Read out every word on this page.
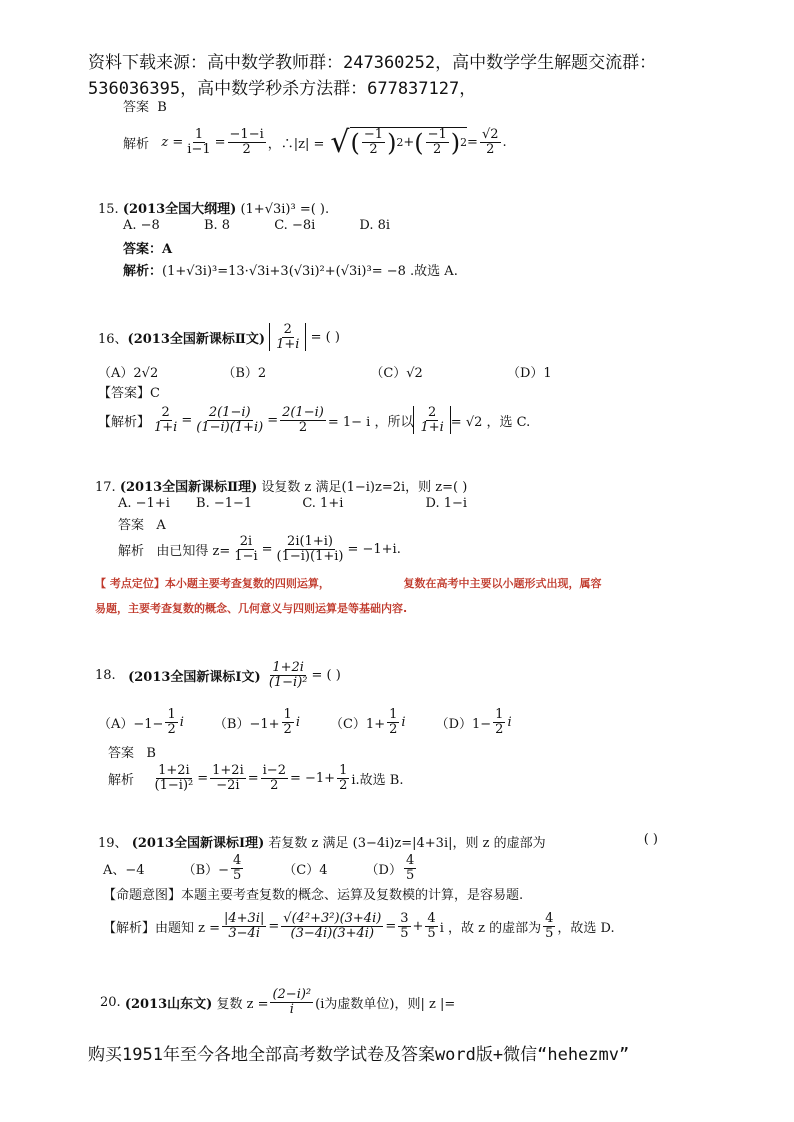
资料下载来源：高中数学教师群：247360252，高中数学学生解题交流群：
536036395，高中数学秒杀方法群：677837127，
答案 B
解析
$z = \frac{1}{i-1} = \frac{-1-i}{2}$ ，∴|z| = √ ( $\frac{-1}{2}$ ) 2 + ( $\frac{-1}{2}$ ) $2 = \frac{√2}{2}$ .
15. (2013全国大纲理) (1+√3i)³ =( ).
A. −8	B. 8	C. −8i	D. 8i
答案：A
解析：(1+√3i)³=13·√3i+3(√3i)²+(√3i)³= −8 .故选 A.
16、 (2013全国新课标Ⅱ文)
$\frac{2}{1+i}$
= ( )
（A）2√2	（B）2	（C）√2	（D）1
【答案】C
【解析】 $\frac{2}{1+i} = \frac{2(1-i)}{(1-i)(1+i)} = \frac{2(1-i)}{2} = 1- i$ ，所以 $\frac{2}{1+i} = √2$ ，选 C.
17. (2013全国新课标Ⅱ理) 设复数 z 满足(1−i)z=2i，则 z=( )
A. −1+i B. −1−1	C. 1+i	D. 1−i
答案 A
解析
由已知得 $z= \frac{2i}{1-i} = \frac{2i(1+i)}{(1-i)(1+i)} = -1+i$.
【 考点定位】本小题主要考查复数的四则运算，	复数在高考中主要以小题形式出现，属容
易题，主要考查复数的概念、几何意义与四则运算是等基础内容.
18.
(2013全国新课标Ⅰ文)
$\frac{1+2i}{\text{(1−i)²}}$ = ( )
$(A)-1- \frac{1}{2}$ i $(B)-1+ \frac{1}{2}$ i $(C)1+ \frac{1}{2}$ i $(D)1- \frac{1}{2}$ i
答案 B
解析
$\frac{1+2i}{\text{(1−i)²}} = \frac{1+2i}{-2i} = \frac{i-2}{2} = -1+ \frac{1}{2} i$.故选 B.
19、 (2013全国新课标Ⅰ理) 若复数 z 满足 (3−4i)z=|4+3i|，则 z 的虚部为	( )
A、−4	$(B)- \frac{4}{5}$	（C）4	$(D) \frac{4}{5}$
【命题意图】本题主要考查复数的概念、运算及复数模的计算，是容易题.
【解析】由题知 $z = \frac{|4+3i|}{3-4i} = \frac{\text{√(4²+3²)(3+4i)}}{(3-4i)(3+4i)} = \frac{3}{5} + \frac{4}{5}$ i ，故 z 的虚部为 $\frac{4}{5}$ ，故选 D.
20.
(2013山东文)
复数 $z = \frac{\text{(2−i)²}}{i} (i$为虚数单位)，则| z |=
购买1951年至今各地全部高考数学试卷及答案word版+微信“hehezmv”
